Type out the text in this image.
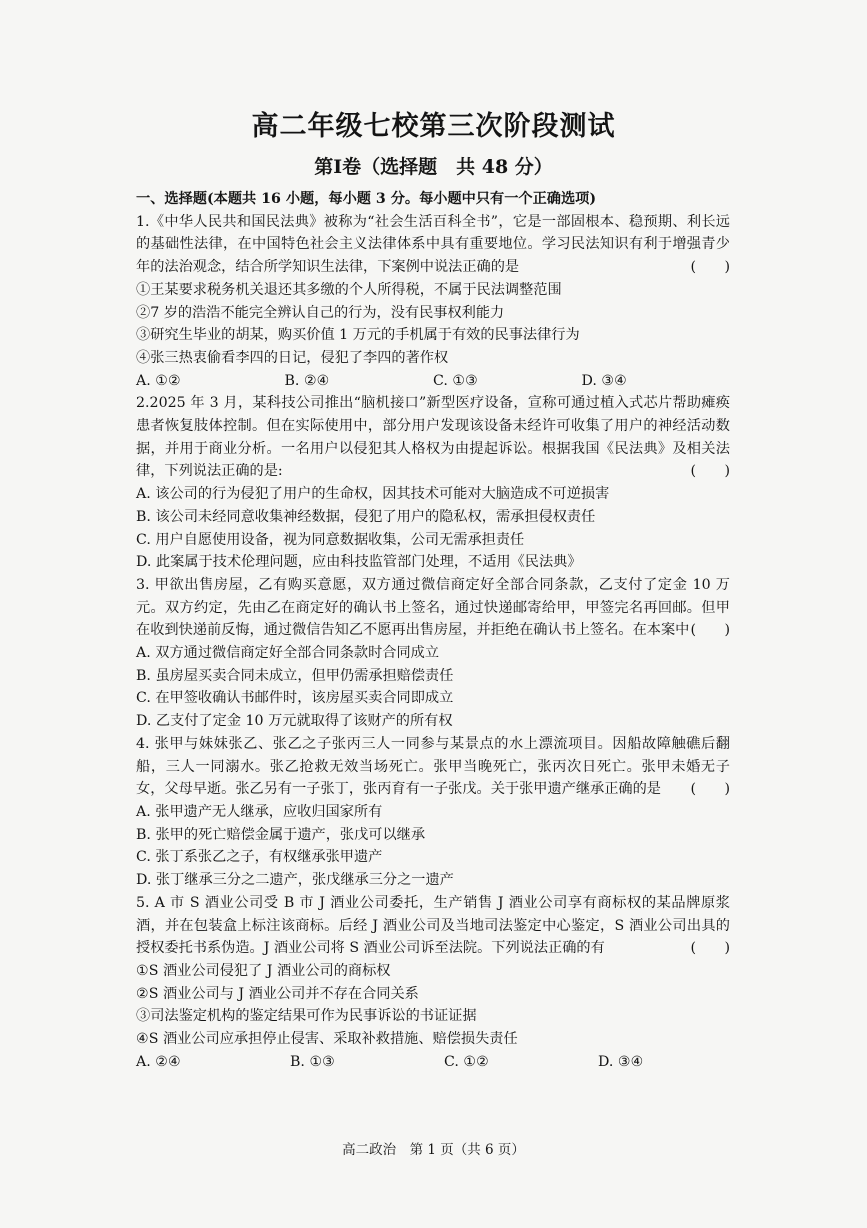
高二年级七校第三次阶段测试
第I卷（选择题　共 48 分）
一、选择题(本题共 16 小题，每小题 3 分。每小题中只有一个正确选项)
1.《中华人民共和国民法典》被称为“社会生活百科全书”，它是一部固根本、稳预期、利长远的基础性法律，在中国特色社会主义法律体系中具有重要地位。学习民法知识有利于增强青少年的法治观念，结合所学知识生法律，下案例中说法正确的是	(　　)
①王某要求税务机关退还其多缴的个人所得税，不属于民法调整范围
②7 岁的浩浩不能完全辨认自己的行为，没有民事权利能力
③研究生毕业的胡某，购买价值 1 万元的手机属于有效的民事法律行为
④张三热衷偷看李四的日记，侵犯了李四的著作权
A. ①②	B. ②④	C. ①③	D. ③④
2.2025 年 3 月，某科技公司推出“脑机接口”新型医疗设备，宣称可通过植入式芯片帮助瘫痪患者恢复肢体控制。但在实际使用中，部分用户发现该设备未经许可收集了用户的神经活动数据，并用于商业分析。一名用户以侵犯其人格权为由提起诉讼。根据我国《民法典》及相关法律，下列说法正确的是:	(　　)
A. 该公司的行为侵犯了用户的生命权，因其技术可能对大脑造成不可逆损害
B. 该公司未经同意收集神经数据，侵犯了用户的隐私权，需承担侵权责任
C. 用户自愿使用设备，视为同意数据收集，公司无需承担责任
D. 此案属于技术伦理问题，应由科技监管部门处理，不适用《民法典》
3. 甲欲出售房屋，乙有购买意愿，双方通过微信商定好全部合同条款，乙支付了定金 10 万元。双方约定，先由乙在商定好的确认书上签名，通过快递邮寄给甲，甲签完名再回邮。但甲在收到快递前反悔，通过微信告知乙不愿再出售房屋，并拒绝在确认书上签名。在本案中 (　　)
A. 双方通过微信商定好全部合同条款时合同成立
B. 虽房屋买卖合同未成立，但甲仍需承担赔偿责任
C. 在甲签收确认书邮件时，该房屋买卖合同即成立
D. 乙支付了定金 10 万元就取得了该财产的所有权
4. 张甲与妹妹张乙、张乙之子张丙三人一同参与某景点的水上漂流项目。因船故障触礁后翻船，三人一同溺水。张乙抢救无效当场死亡。张甲当晚死亡，张丙次日死亡。张甲未婚无子女，父母早逝。张乙另有一子张丁，张丙育有一子张戊。关于张甲遗产继承正确的是 (　　)
A. 张甲遗产无人继承，应收归国家所有
B. 张甲的死亡赔偿金属于遗产，张戊可以继承
C. 张丁系张乙之子，有权继承张甲遗产
D. 张丁继承三分之二遗产，张戊继承三分之一遗产
5. A 市 S 酒业公司受 B 市 J 酒业公司委托，生产销售 J 酒业公司享有商标权的某品牌原浆酒，并在包装盒上标注该商标。后经 J 酒业公司及当地司法鉴定中心鉴定，S 酒业公司出具的授权委托书系伪造。J 酒业公司将 S 酒业公司诉至法院。下列说法正确的有	(　　)
①S 酒业公司侵犯了 J 酒业公司的商标权
②S 酒业公司与 J 酒业公司并不存在合同关系
③司法鉴定机构的鉴定结果可作为民事诉讼的书证证据
④S 酒业公司应承担停止侵害、采取补救措施、赔偿损失责任
A. ②④	B. ①③	C. ①②	D. ③④
高二政治　第 1 页（共 6 页）
